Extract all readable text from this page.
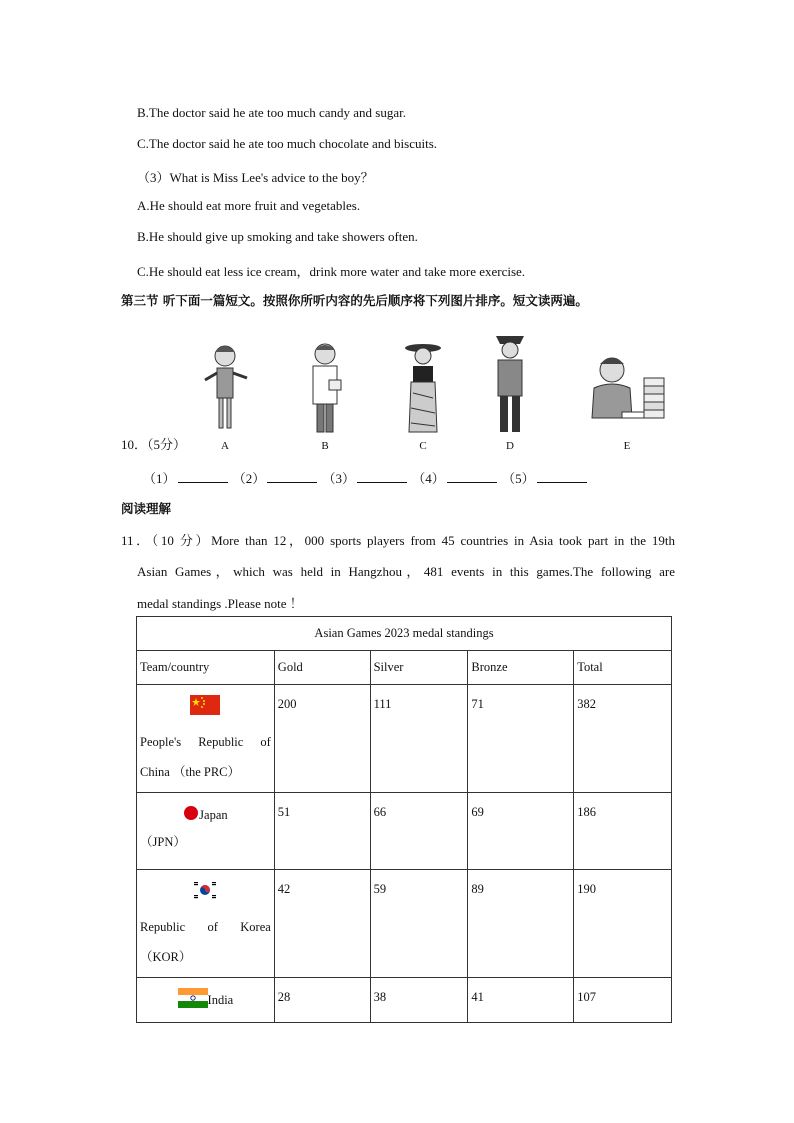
B.The doctor said he ate too much candy and sugar.
C.The doctor said he ate too much chocolate and biscuits.
（3）What is Miss Lee's advice to the boy？
A.He should eat more fruit and vegetables.
B.He should give up smoking and take showers often.
C.He should eat less ice cream，drink more water and take more exercise.
第三节 听下面一篇短文。按照你所听内容的先后顺序将下列图片排序。短文读两遍。
A	B	C	D	E
10．（5分）
（1）	（2）	（3）	（4）	（5）
阅读理解
11．（10 分）More than 12，000 sports players from 45 countries in Asia took part in the 19th
Asian Games，which was held in Hangzhou，481 events in this games.The following are
medal standings .Please note ！
Asian Games 2023 medal standings				
Team/country	Gold	Silver	Bronze	Total

People's Republic of
China （the PRC）	200	111	71	382

Japan
（JPN）	51	66	69	186

Republic of Korea
（KOR）	42	59	89	190

India	28	38	41	107
